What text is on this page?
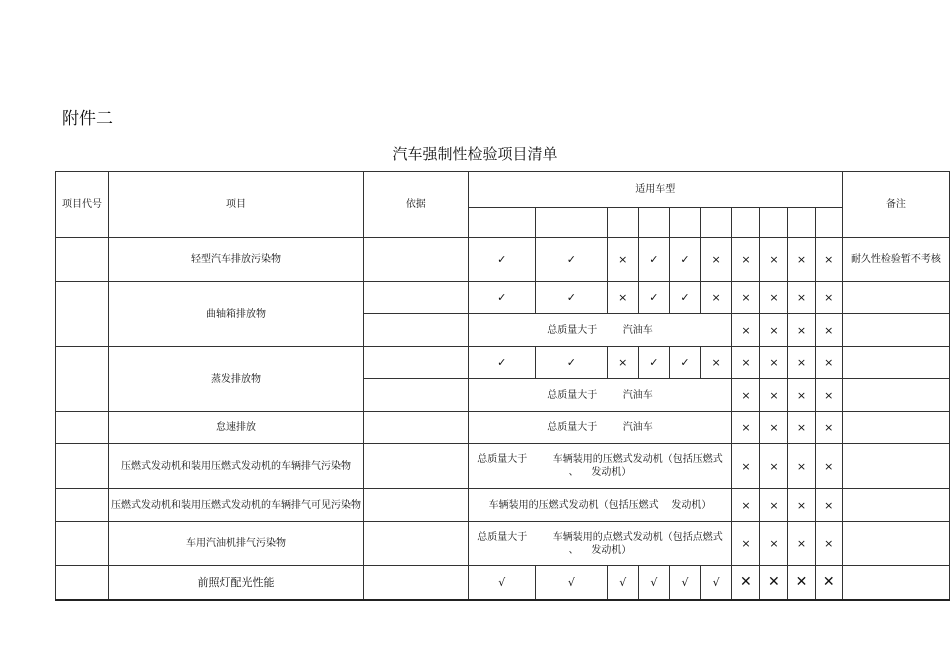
附件二
汽车强制性检验项目清单
项目代号	项目	依据	适用车型										备注

	轻型汽车排放污染物		✓	✓	×	✓	✓	×	×	×	×	×	耐久性检验暂不考核
	曲轴箱排放物		✓	✓	×	✓	✓	×	×	×	×	×	
			总质量大于        汽油车						×	×	×	×	
	蒸发排放物		✓	✓	×	✓	✓	×	×	×	×	×	
			总质量大于        汽油车						×	×	×	×	
	怠速排放		总质量大于        汽油车						×	×	×	×	
	压燃式发动机和装用压燃式发动机的车辆排气污染物		总质量大于        车辆装用的压燃式发动机（包括压燃式    、    发动机）						×	×	×	×	
	压燃式发动机和装用压燃式发动机的车辆排气可见污染物		车辆装用的压燃式发动机（包括压燃式    发动机）						×	×	×	×	
	车用汽油机排气污染物		总质量大于        车辆装用的点燃式发动机（包括点燃式    、    发动机）						×	×	×	×	
	前照灯配光性能		√	√	√	√	√	√	✕	✕	✕	✕	
